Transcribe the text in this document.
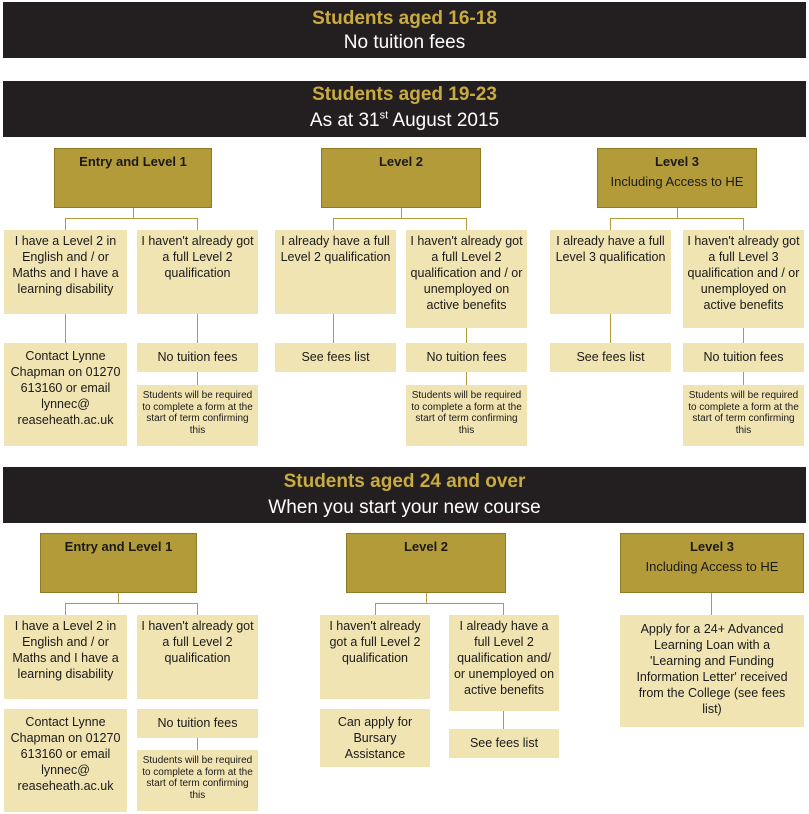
Students aged 16-18
No tuition fees
Students aged 19-23
As at 31st August 2015
Entry and Level 1
I have a Level 2 in English and / or Maths and I have a learning disability
I haven't already got a full Level 2 qualification
Contact Lynne Chapman on 01270 613160 or email lynnec@ reaseheath.ac.uk
No tuition fees
Students will be required to complete a form at the start of term confirming this
Level 2
I already have a full Level 2 qualification
I haven't already got a full Level 2 qualification and / or unemployed on active benefits
See fees list	No tuition fees
Students will be required to complete a form at the start of term confirming this
Level 3
Including Access to HE
I already have a full Level 3 qualification
I haven't already got a full Level 3 qualification and / or unemployed on active benefits
See fees list	No tuition fees
Students will be required to complete a form at the start of term confirming this
Students aged 24 and over
When you start your new course
Entry and Level 1
I have a Level 2 in English and / or Maths and I have a learning disability
I haven't already got a full Level 2 qualification
Contact Lynne Chapman on 01270 613160 or email lynnec@ reaseheath.ac.uk
No tuition fees
Students will be required to complete a form at the start of term confirming this
Level 2
I haven't already got a full Level 2 qualification
I already have a full Level 2 qualification and/ or unemployed on active benefits
Can apply for Bursary Assistance
See fees list
Level 3
Including Access to HE
Apply for a 24+ Advanced Learning Loan with a 'Learning and Funding Information Letter' received from the College (see fees list)
